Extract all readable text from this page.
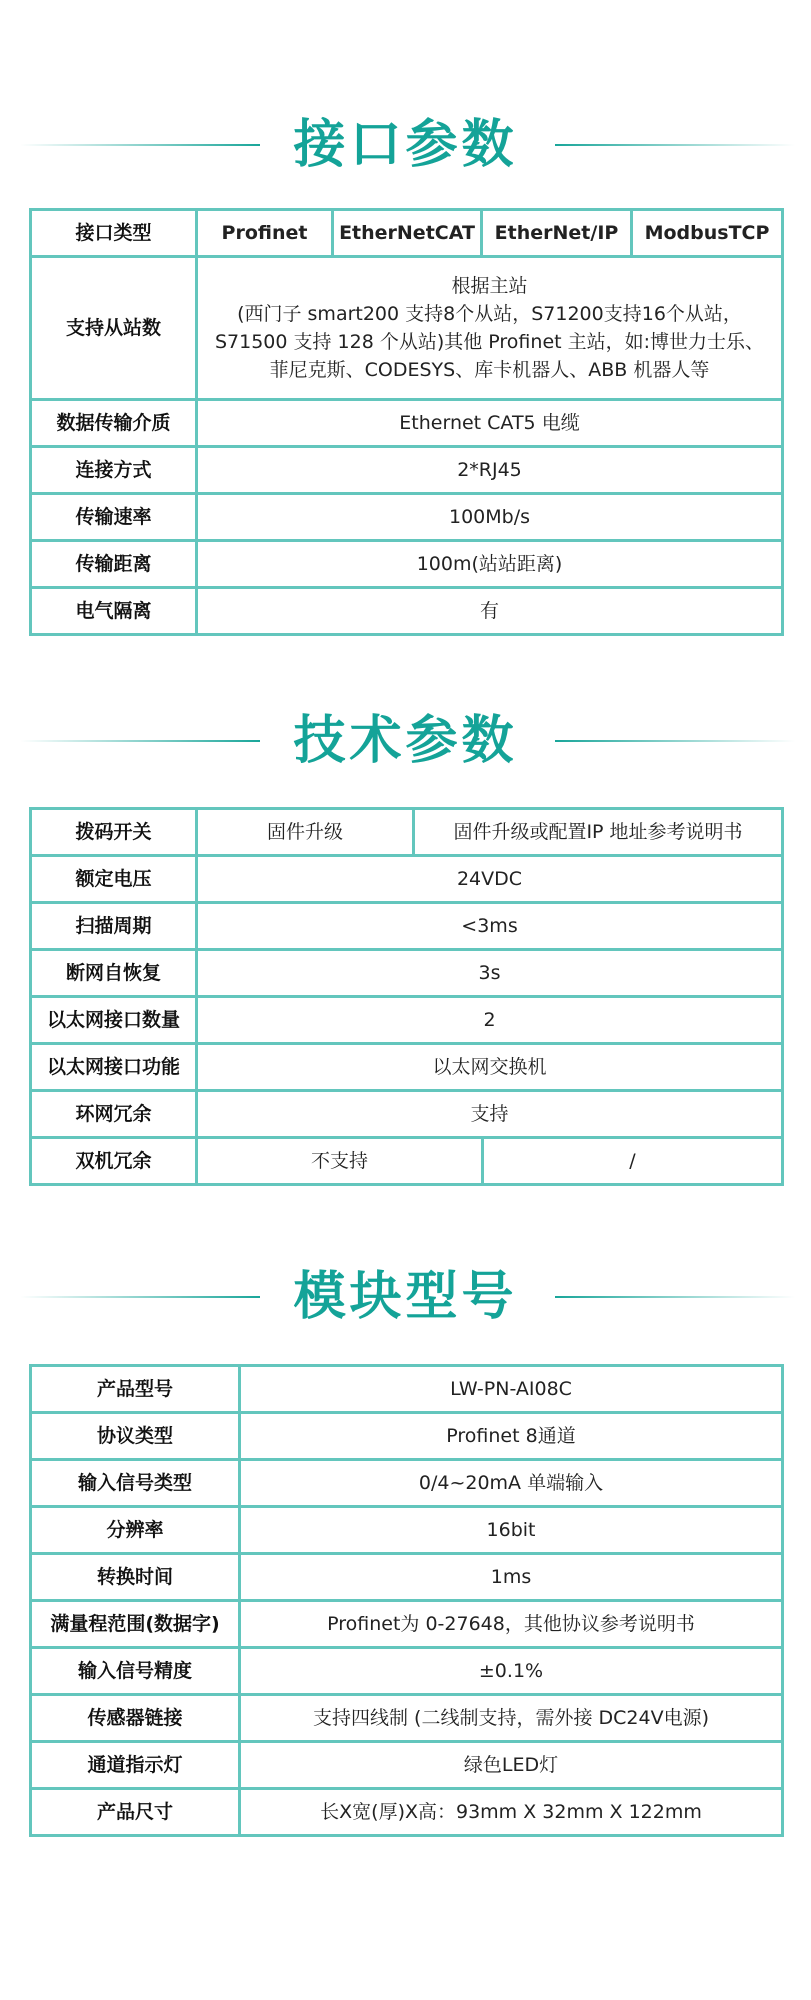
接口参数
接口类型	Profinet	EtherNetCAT	EtherNet/IP	ModbusTCP
支持从站数	根据主站
(西门子 smart200 支持8个从站，S71200支持16个从站，
S71500 支持 128 个从站)其他 Profinet 主站，如:博世力士乐、
菲尼克斯、CODESYS、库卡机器人、ABB 机器人等			

数据传输介质	Ethernet CAT5 电缆			
连接方式	2*RJ45			
传输速率	100Mb/s			
传输距离	100m(站站距离)			
电气隔离	有			
技术参数
拨码开关	固件升级	固件升级或配置IP 地址参考说明书	
额定电压	24VDC		
扫描周期	<3ms		
断网自恢复	3s		
以太网接口数量	2		
以太网接口功能	以太网交换机		
环网冗余	支持		
双机冗余	不支持		/
模块型号
产品型号	LW-PN-AI08C
协议类型	Profinet 8通道
输入信号类型	0/4~20mA 单端输入
分辨率	16bit
转换时间	1ms
满量程范围(数据字)	Profinet为 0-27648，其他协议参考说明书
输入信号精度	±0.1%
传感器链接	支持四线制 (二线制支持，需外接 DC24V电源)
通道指示灯	绿色LED灯
产品尺寸	长X宽(厚)X高：93mm X 32mm X 122mm
